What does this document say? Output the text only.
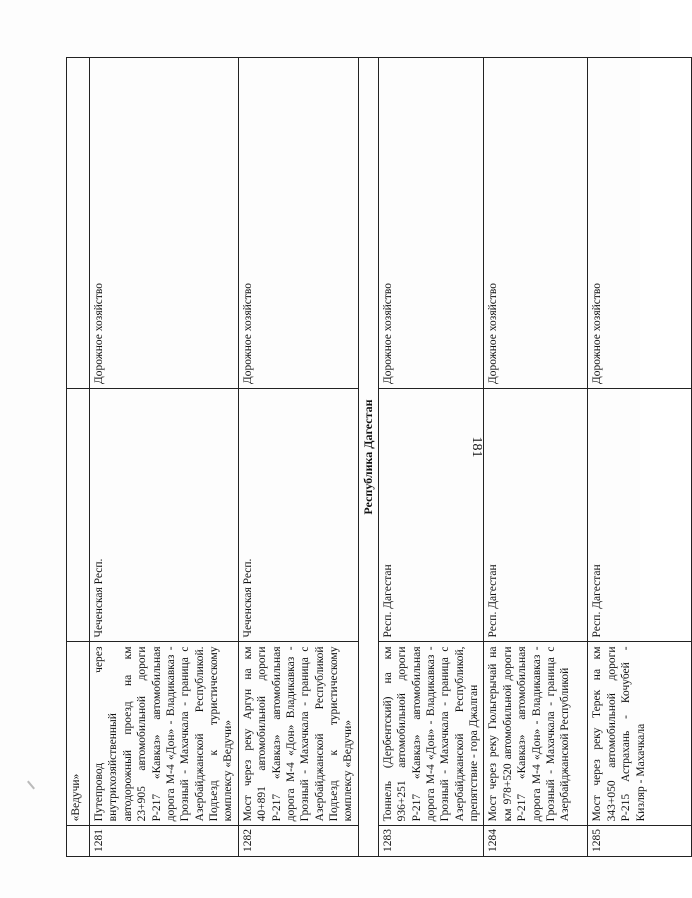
181
	«Ведучи»		
1281	Путепровод через внутрихозяйственный автодорожный проезд на км 23+905 автомобильной дороги Р-217 «Кавказ» автомобильная дорога М-4 «Дон» - Владикавказ - Грозный - Махачкала - граница с Азербайджанской Республикой. Подъезд к туристическому комплексу «Ведучи»	Чеченская Респ.	Дорожное хозяйство
1282	Мост через реку Аргун на км 40+891 автомобильной дороги Р-217 «Кавказ» автомобильная дорога М-4 «Дон» Владикавказ - Грозный - Махачкала - граница с Азербайджанской Республикой Подъезд к туристическому комплексу «Ведучи»	Чеченская Респ.	Дорожное хозяйство
Республика Дагестан			
1283	Тоннель (Дербентский) на км 936+251 автомобильной дороги Р-217 «Кавказ» автомобильная дорога М-4 «Дон» - Владикавказ - Грозный - Махачкала - граница с Азербайджанской Республикой, препятствие - гора Джалган	Респ. Дагестан	Дорожное хозяйство
1284	Мост через реку Гюльгерычай на км 978+520 автомобильной дороги Р-217 «Кавказ» автомобильная дорога М-4 «Дон» - Владикавказ - Грозный - Махачкала - граница с Азербайджанской Республикой	Респ. Дагестан	Дорожное хозяйство
1285	Мост через реку Терек на км 343+050 автомобильной дороги Р-215 Астрахань - Кочубей - Кизляр - Махачкала	Респ. Дагестан	Дорожное хозяйство
